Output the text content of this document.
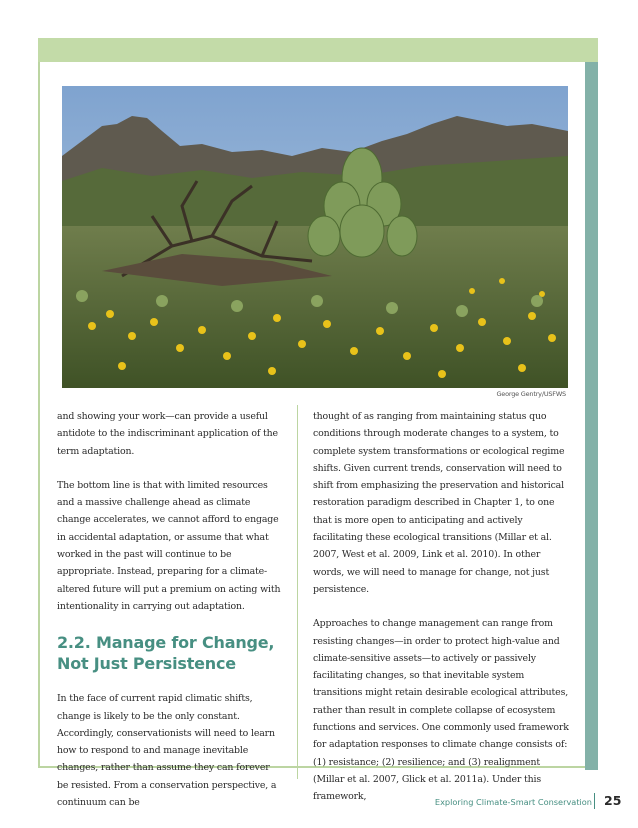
George Gentry/USFWS

and showing your work—can provide a useful antidote to the indiscriminant application of the term adaptation.

The bottom line is that with limited resources and a massive challenge ahead as climate change accelerates, we cannot afford to engage in accidental adaptation, or assume that what worked in the past will continue to be appropriate. Instead, preparing for a climate-altered future will put a premium on acting with intentionality in carrying out adaptation.

2.2. Manage for Change,
Not Just Persistence

In the face of current rapid climatic shifts, change is likely to be the only constant. Accordingly, conservationists will need to learn how to respond to and manage inevitable changes, rather than assume they can forever be resisted. From a conservation perspective, a continuum can be

thought of as ranging from maintaining status quo conditions through moderate changes to a system, to complete system transformations or ecological regime shifts. Given current trends, conservation will need to shift from emphasizing the preservation and historical restoration paradigm described in Chapter 1, to one that is more open to anticipating and actively facilitating these ecological transitions (Millar et al. 2007, West et al. 2009, Link et al. 2010). In other words, we will need to manage for change, not just persistence.

Approaches to change management can range from resisting changes—in order to protect high-value and climate-sensitive assets—to actively or passively facilitating changes, so that inevitable system transitions might retain desirable ecological attributes, rather than result in complete collapse of ecosystem functions and services. One commonly used framework for adaptation responses to climate change consists of: (1) resistance; (2) resilience; and (3) realignment (Millar et al. 2007, Glick et al. 2011a). Under this framework,	Exploring Climate-Smart Conservation 25
